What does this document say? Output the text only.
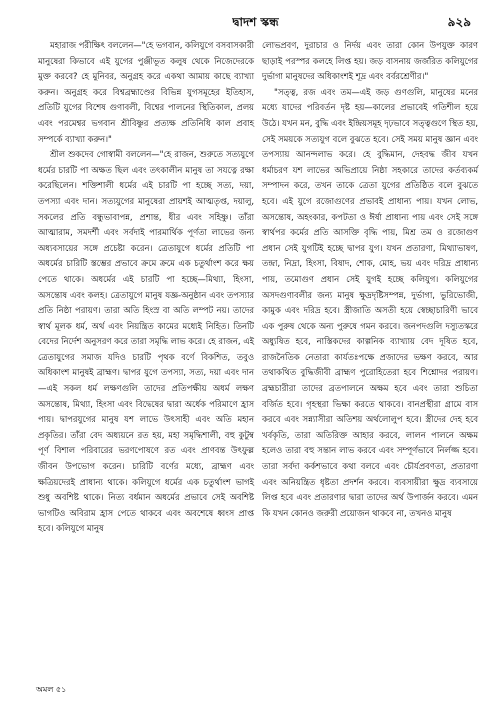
দ্বাদশ স্কন্ধ	৯২৯

মহারাজ পরীক্ষিৎ বললেন—"হে ভগবান, কলিযুগে বসবাসকারী মানুষেরা কিভাবে এই যুগের পুঞ্জীভূত কলুষ থেকে নিজেদেরকে মুক্ত করবে? হে মুনিবর, অনুগ্রহ করে একথা আমায় কাছে ব্যাখ্যা করুন। অনুগ্রহ করে বিশ্বব্রহ্মাণ্ডের বিভিন্ন যুগসমূহের ইতিহাস, প্রতিটি যুগের বিশেষ গুণাবলী, বিশ্বের পালনের স্থিতিকাল, প্রলয় এবং পরমেশ্বর ভগবান শ্রীবিষ্ণুর প্রত্যক্ষ প্রতিনিধি কাল প্রবাহ সম্পর্কে ব্যাখ্যা করুন।"

শ্রীল শুকদেব গোস্বামী বললেন—"হে রাজন, শুরুতে সত্যযুগে ধর্মের চারটি পা অক্ষত ছিল এবং তৎকালীন মানুষ তা সযত্নে রক্ষা করেছিলেন। শক্তিশালী ধর্মের এই চারটি পা হচ্ছে সত্য, দয়া, তপস্যা এবং দান। সত্যযুগের মানুষেরা প্রায়শই আত্মতৃপ্ত, দয়ালু, সকলের প্রতি বন্ধুভাবাপন্ন, প্রশান্ত, ধীর এবং সহিষ্ণু। তাঁরা আত্মারাম, সমদর্শী এবং সর্বদাই পারমার্থিক পূর্ণতা লাভের জন্য অধ্যবসায়ের সঙ্গে প্রচেষ্টা করেন। ত্রেতাযুগে ধর্মের প্রতিটি পা অধর্মের চারিটি স্তম্ভের প্রভাবে ক্রমে ক্রমে এক চতুর্থাংশ করে ক্ষয় পেতে থাকে। অধর্মের এই চারটি পা হচ্ছে—মিথ্যা, হিংসা, অসন্তোষ এবং কলহ। ত্রেতাযুগে মানুষ যজ্ঞ-অনুষ্ঠান এবং তপস্যার প্রতি নিষ্ঠা পরায়ণ। তারা অতি হিংস্র বা অতি লম্পট নয়। তাদের স্বার্থ মূলক ধর্ম, অর্থ এবং নিয়ন্ত্রিত কামের মধ্যেই নিহিত। তিনটি বেদের নির্দেশ অনুসরণ করে তারা সমৃদ্ধি লাভ করে। হে রাজন, এই ত্রেতাযুগের সমাজ যদিও চারটি পৃথক বর্ণে বিকশিত, তবুও অধিকাংশ মানুষই ব্রাহ্মণ। দ্বাপর যুগে তপস্যা, সত্য, দয়া এবং দান—এই সকল ধর্ম লক্ষণগুলি তাদের প্রতিপক্ষীয় অধর্ম লক্ষণ অসন্তোষ, মিথ্যা, হিংসা এবং বিদ্বেষের দ্বারা অর্ধেক পরিমাণে হ্রাস পায়। দ্বাপরযুগের মানুষ যশ লাভে উৎসাহী এবং অতি মহান প্রকৃতির। তাঁরা বেদ অধ্যয়নে রত হয়, মহা সমৃদ্ধিশালী, বহু কুটুম্ব পূর্ণ বিশাল পরিবারের ভরণপোষণে রত এবং প্রাণবন্ত উৎফুল্ল জীবন উপভোগ করেন। চারিটি বর্ণের মধ্যে, ব্রাহ্মণ এবং ক্ষত্রিয়দেরই প্রাধান্য থাকে। কলিযুগে ধর্মের এক চতুর্থাংশ ভাগই শুধু অবশিষ্ট থাকে। নিত্য বর্ধমান অধর্মের প্রভাবে সেই অবশিষ্ট ভাগটিও অবিরাম হ্রাস পেতে থাকবে এবং অবশেষে ধ্বংস প্রাপ্ত হবে। কলিযুগে মানুষ

লোভপ্রবণ, দুরাচার ও নির্দয় এবং তারা কোন উপযুক্ত কারণ ছাড়াই পরস্পর কলহে লিপ্ত হয়। জড় বাসনায় জর্জরিত কলিযুগের দুর্ভাগা মানুষদের অধিকাংশই শূদ্র এবং বর্বরশ্রেণীর।"

"সত্ত্ব, রজ এবং তম—এই জড় গুণগুলি, মানুষের মনের মধ্যে যাদের পরিবর্তন দৃষ্ট হয়—কালের প্রভাবেই গতিশীল হয়ে উঠে। যখন মন, বুদ্ধি এবং ইন্দ্রিয়সমূহ দৃঢ়ভাবে সত্ত্বগুণে স্থিত হয়, সেই সময়কে সত্যযুগ বলে বুঝতে হবে। সেই সময় মানুষ জ্ঞান এবং তপস্যায় আনন্দলাভ করে। হে বুদ্ধিমান, দেহবদ্ধ জীব যখন ধর্মাচরণ যশ লাভের অভিপ্রায়ে নিষ্ঠা সহকারে তাদের কর্তব্যকর্ম সম্পাদন করে, তখন তাকে ত্রেতা যুগের প্রতিষ্ঠিত বলে বুঝতে হবে। এই যুগে রজোগুণের প্রভাবই প্রাধান্য পায়। যখন লোভ, অসন্তোষ, অহংকার, কপটতা ও ঈর্ষা প্রাধান্য পায় এবং সেই সঙ্গে স্বার্থপর কর্মের প্রতি আসক্তি বৃদ্ধি পায়, মিশ্র তম ও রজোগুণ প্রধান সেই যুগটিই হচ্ছে দ্বাপর যুগ। যখন প্রতারণা, মিথ্যাভাষণ, তন্দ্রা, নিদ্রা, হিংসা, বিষাদ, শোক, মোহ, ভয় এবং দরিদ্র প্রাধান্য পায়, তমোগুণ প্রধান সেই যুগই হচ্ছে কলিযুগ। কলিযুগের অসদগুণাবলীর জন্য মানুষ ক্ষুদ্রদৃষ্টিসম্পন্ন, দুর্ভাগা, ভুরিভোজী, কামুক এবং দরিদ্র হবে। স্ত্রীজাতি অসতী হয়ে স্বেচ্ছাচারিণী ভাবে এক পুরুষ থেকে অন্য পুরুষে গমন করবে। জনপদগুলি দস্যুতস্করে অধ্যুষিত হবে, নাস্তিকদের কাল্পনিক ব্যাখ্যায় বেদ দূষিত হবে, রাজনৈতিক নেতারা কার্যতঃপক্ষে প্রজাদের ভক্ষণ করবে, আর তথাকথিত বুদ্ধিজীবী ব্রাহ্মণ পুরোহিতেরা হবে শিশ্নোদর পরায়ণ। ব্রহ্মচারীরা তাদের ব্রতপালনে অক্ষম হবে এবং তারা শুচিতা বর্জিত হবে। গৃহস্থরা ভিক্ষা করতে থাকবে। বানপ্রস্থীরা গ্রামে বাস করবে এবং সন্ন্যাসীরা অতিশয় অর্থলোলুপ হবে। স্ত্রীদের দেহ হবে খর্বকৃতি, তারা অতিরিক্ত আহার করবে, লালন পালনে অক্ষম হলেও তারা বহু সন্তান লাভ করবে এবং সম্পূর্ণভাবে নির্লজ্জ হবে। তারা সর্বদা কর্কশভাবে কথা বলবে এবং চৌর্যপ্রবণতা, প্রতারণা এবং অনিয়ন্ত্রিত ধৃষ্টতা প্রদর্শন করবে। ব্যবসায়ীরা ক্ষুদ্র ব্যবসায়ে লিপ্ত হবে এবং প্রতারণার দ্বারা তাদের অর্থ উপার্জন করবে। এমন কি যখন কোনও জরুরী প্রয়োজন থাকবে না, তখনও মানুষ

অমল ৫১
